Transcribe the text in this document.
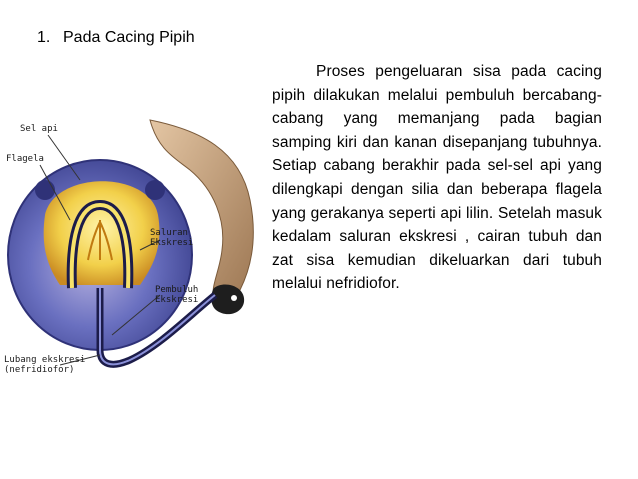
1. Pada Cacing Pipih
Proses pengeluaran sisa pada cacing pipih dilakukan melalui pembuluh bercabang-cabang yang memanjang pada bagian samping kiri dan kanan disepanjang tubuhnya. Setiap cabang berakhir pada sel-sel api yang dilengkapi dengan silia dan beberapa flagela yang gerakanya seperti api lilin. Setelah masuk kedalam saluran ekskresi , cairan tubuh dan zat sisa kemudian dikeluarkan dari tubuh melalui nefridiofor.
Sel api
Flagela
Saluran
Ekskresi
Pembuluh
Ekskresi
Lubang ekskresi
(nefridiofor)
